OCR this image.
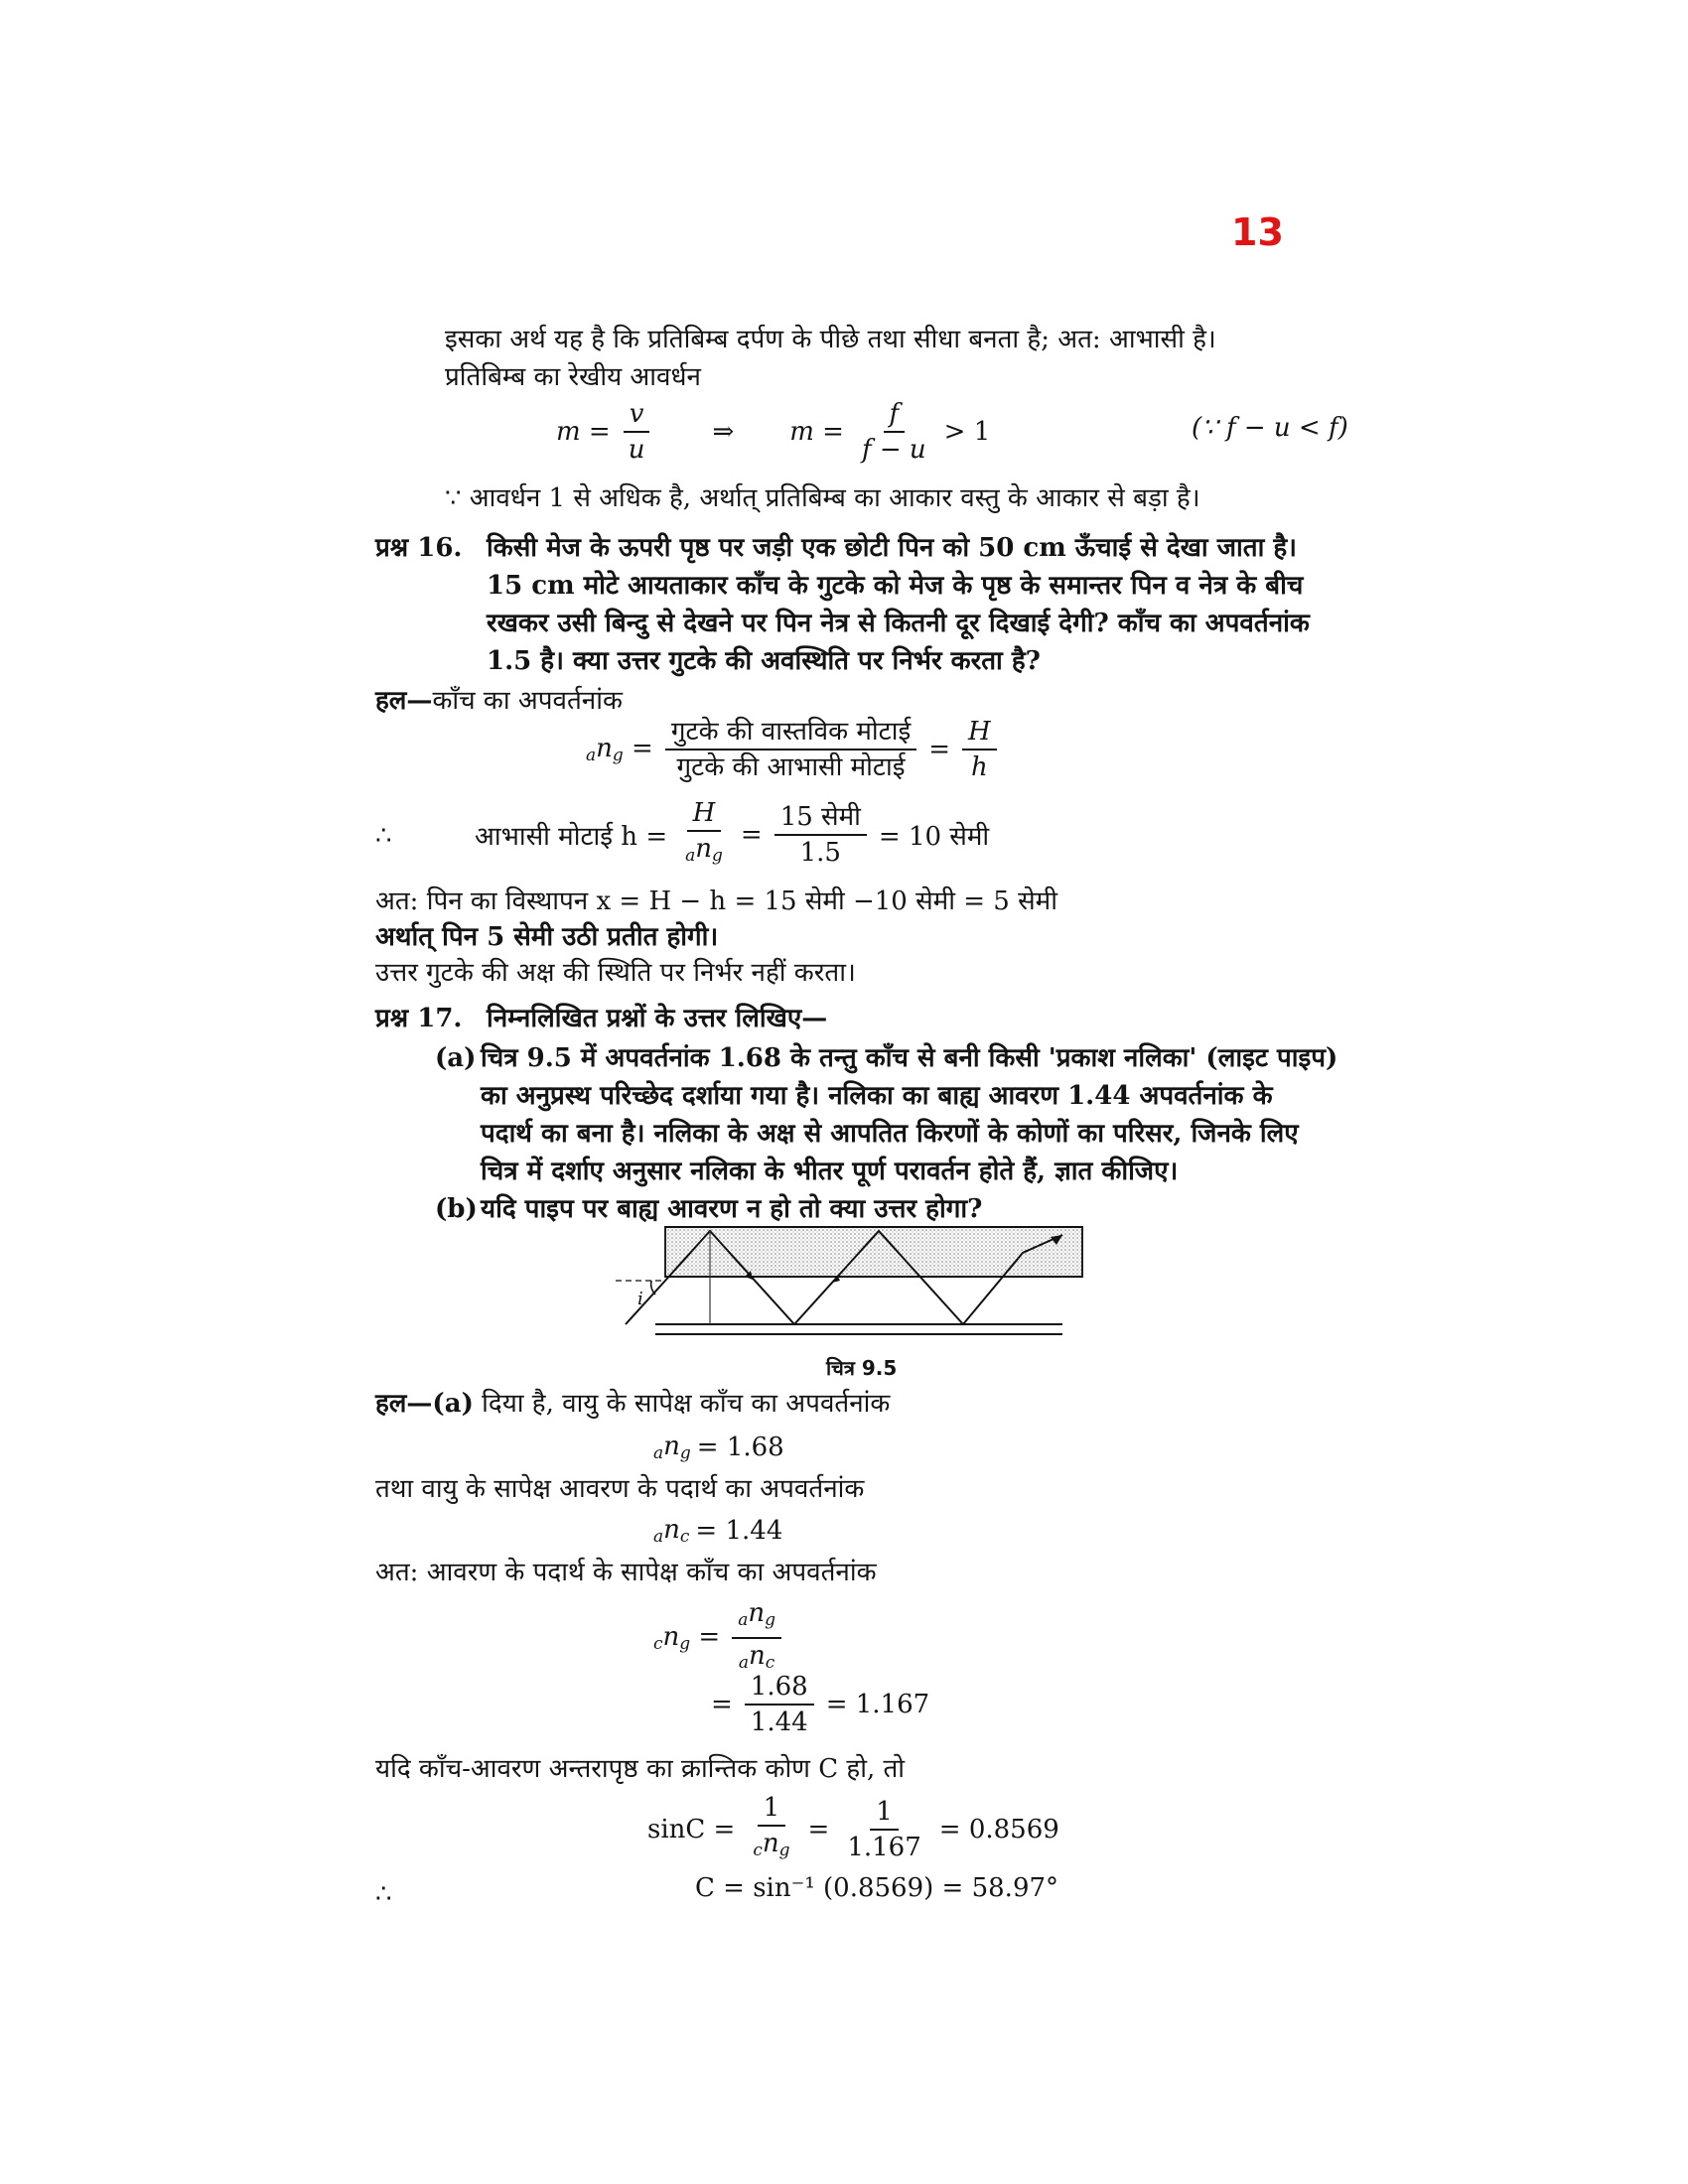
13
इसका अर्थ यह है कि प्रतिबिम्ब दर्पण के पीछे तथा सीधा बनता है; अत: आभासी है।
प्रतिबिम्ब का रेखीय आवर्धन
$m = \frac{v}{u}$ ⇒ $m = \frac{f}{f - u} > 1$	(∵ f − u < f)
∵ आवर्धन 1 से अधिक है, अर्थात् प्रतिबिम्ब का आकार वस्तु के आकार से बड़ा है।
प्रश्न 16. किसी मेज के ऊपरी पृष्ठ पर जड़ी एक छोटी पिन को 50 cm ऊँचाई से देखा जाता है।
15 cm मोटे आयताकार काँच के गुटके को मेज के पृष्ठ के समान्तर पिन व नेत्र के बीच
रखकर उसी बिन्दु से देखने पर पिन नेत्र से कितनी दूर दिखाई देगी? काँच का अपवर्तनांक
1.5 है। क्या उत्तर गुटके की अवस्थिति पर निर्भर करता है?
हल—काँच का अपवर्तनांक
$_an_g = \frac{\text{गुटके की वास्तविक मोटाई}}{\text{गुटके की आभासी मोटाई}} = \frac{H}{h}$
∴	आभासी मोटाई $h = \frac{H}{_an_g} = \frac{\text{15 सेमी}}{1.5} = 10$ सेमी
अत: पिन का विस्थापन x = H − h = 15 सेमी −10 सेमी = 5 सेमी
अर्थात् पिन 5 सेमी उठी प्रतीत होगी।
उत्तर गुटके की अक्ष की स्थिति पर निर्भर नहीं करता।
प्रश्न 17. निम्नलिखित प्रश्नों के उत्तर लिखिए—
(a) चित्र 9.5 में अपवर्तनांक 1.68 के तन्तु काँच से बनी किसी 'प्रकाश नलिका' (लाइट पाइप)
का अनुप्रस्थ परिच्छेद दर्शाया गया है। नलिका का बाह्य आवरण 1.44 अपवर्तनांक के
पदार्थ का बना है। नलिका के अक्ष से आपतित किरणों के कोणों का परिसर, जिनके लिए
चित्र में दर्शाए अनुसार नलिका के भीतर पूर्ण परावर्तन होते हैं, ज्ञात कीजिए।
(b) यदि पाइप पर बाह्य आवरण न हो तो क्या उत्तर होगा?
i
चित्र 9.5
हल—(a) दिया है, वायु के सापेक्ष काँच का अपवर्तनांक
$_an_g = 1.68$
तथा वायु के सापेक्ष आवरण के पदार्थ का अपवर्तनांक
$_an_c = 1.44$
अत: आवरण के पदार्थ के सापेक्ष काँच का अपवर्तनांक
$_cn_g = \frac{_an_g}{_an_c}$
= $\frac{1.68}{1.44} = 1.167$
यदि काँच-आवरण अन्तरापृष्ठ का क्रान्तिक कोण C हो, तो
$\sin C = \frac{1}{_cn_g} = \frac{1}{1.167} = 0.8569$
∴	C = sin⁻¹ (0.8569) = 58.97°
